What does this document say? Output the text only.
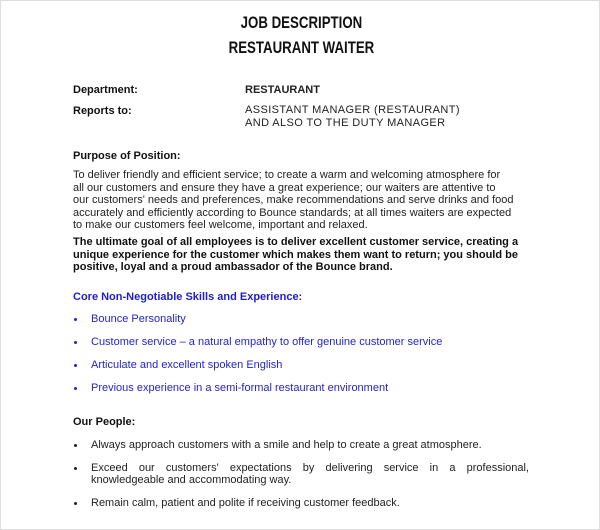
JOB DESCRIPTION
RESTAURANT WAITER
Department:	RESTAURANT
Reports to:	ASSISTANT MANAGER (RESTAURANT)
AND ALSO TO THE DUTY MANAGER
Purpose of Position:
To deliver friendly and efficient service; to create a warm and welcoming atmosphere for
all our customers and ensure they have a great experience; our waiters are attentive to
our customers' needs and preferences, make recommendations and serve drinks and food
accurately and efficiently according to Bounce standards; at all times waiters are expected
to make our customers feel welcome, important and relaxed.
The ultimate goal of all employees is to deliver excellent customer service, creating a
unique experience for the customer which makes them want to return; you should be
positive, loyal and a proud ambassador of the Bounce brand.
Core Non-Negotiable Skills and Experience:
Bounce Personality
Customer service – a natural empathy to offer genuine customer service
Articulate and excellent spoken English
Previous experience in a semi-formal restaurant environment
Our People:
Always approach customers with a smile and help to create a great atmosphere.
Exceed our customers' expectations by delivering service in a professional, knowledgeable and accommodating way.
Remain calm, patient and polite if receiving customer feedback.
